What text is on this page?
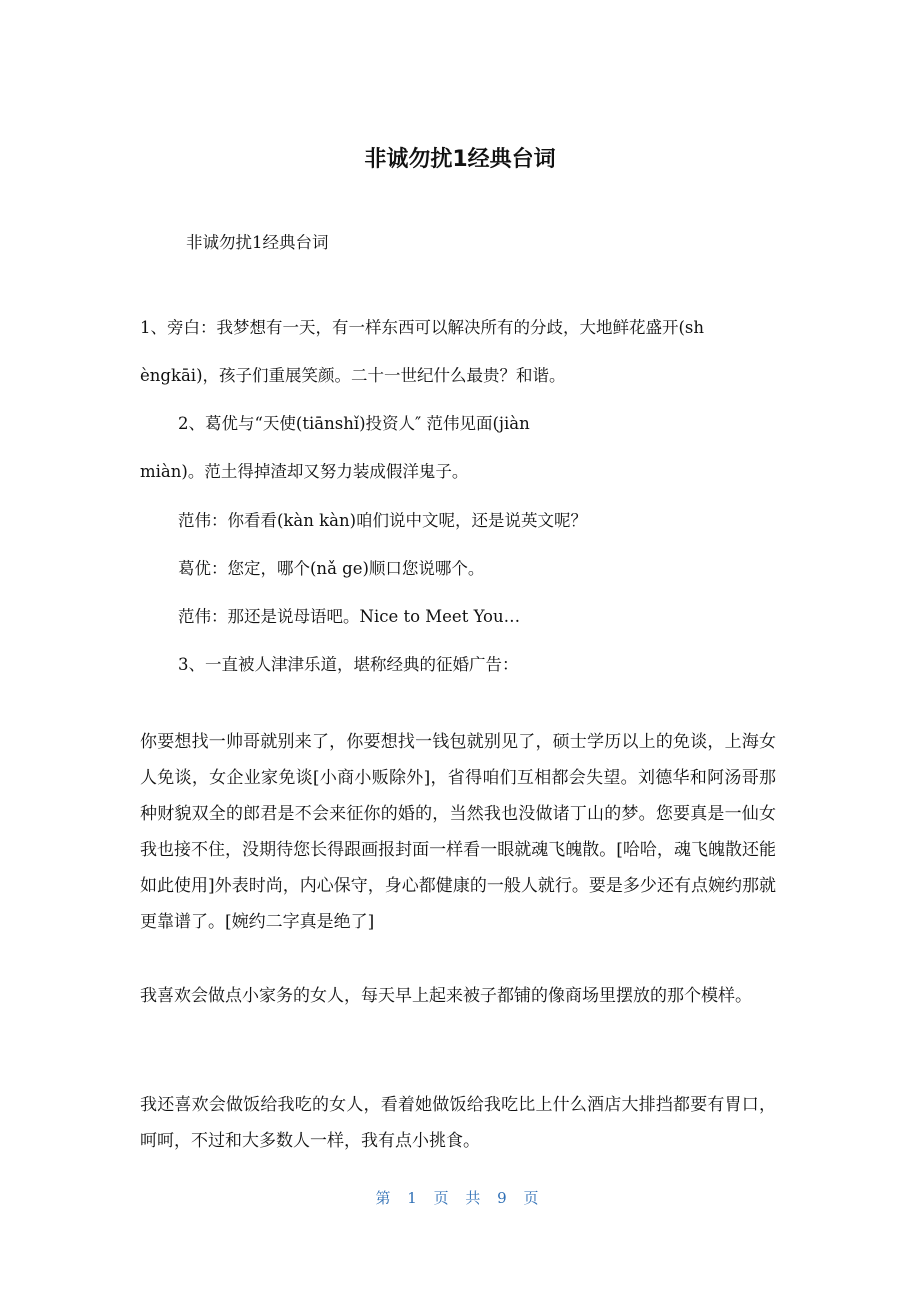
非诚勿扰1经典台词
非诚勿扰1经典台词
1、旁白：我梦想有一天，有一样东西可以解决所有的分歧，大地鲜花盛开(sh
èngkāi)，孩子们重展笑颜。二十一世纪什么最贵？和谐。
2、葛优与“天使(tiānshǐ)投资人″ 范伟见面(jiàn
miàn)。范土得掉渣却又努力装成假洋鬼子。
范伟：你看看(kàn kàn)咱们说中文呢，还是说英文呢？
葛优：您定，哪个(nǎ ge)顺口您说哪个。
范伟：那还是说母语吧。Nice to Meet You…
3、一直被人津津乐道，堪称经典的征婚广告：
你要想找一帅哥就别来了，你要想找一钱包就别见了，硕士学历以上的免谈，上海女人免谈，女企业家免谈[小商小贩除外]，省得咱们互相都会失望。刘德华和阿汤哥那种财貌双全的郎君是不会来征你的婚的，当然我也没做诸丁山的梦。您要真是一仙女我也接不住，没期待您长得跟画报封面一样看一眼就魂飞魄散。[哈哈，魂飞魄散还能如此使用]外表时尚，内心保守，身心都健康的一般人就行。要是多少还有点婉约那就更靠谱了。[婉约二字真是绝了]
我喜欢会做点小家务的女人，每天早上起来被子都铺的像商场里摆放的那个模样。
我还喜欢会做饭给我吃的女人，看着她做饭给我吃比上什么酒店大排挡都要有胃口，呵呵，不过和大多数人一样，我有点小挑食。
第 1 页 共 9 页
